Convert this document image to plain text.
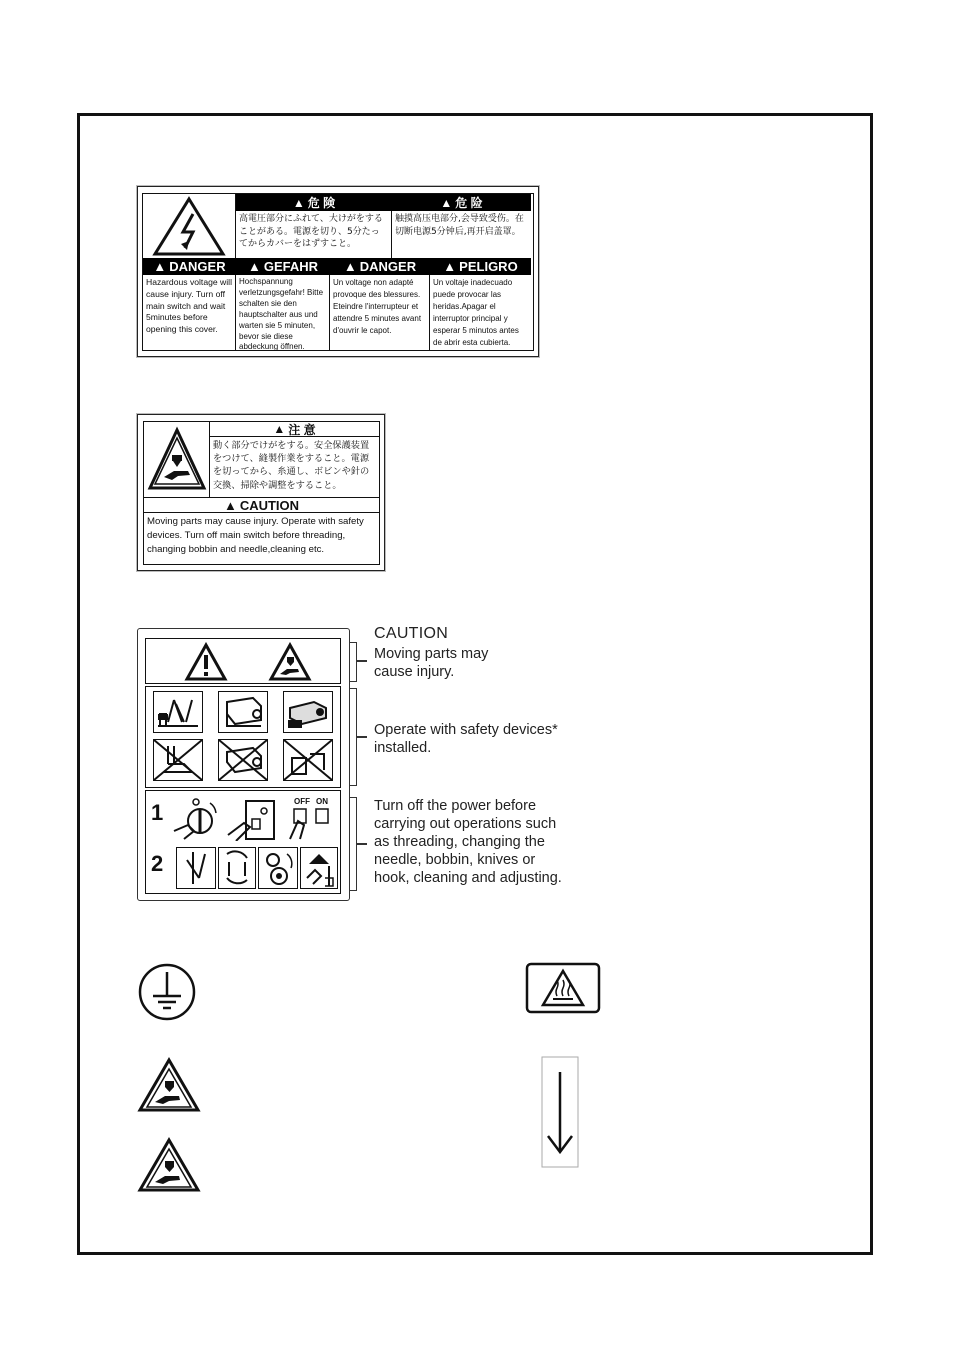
▲ 危 険
高電圧部分にふれて、大けがをすることがある。電源を切り、5分たってからカバーをはずすこと。
▲ 危 险
触摸高压电部分,会导致受伤。在切断电源5分钟后,再开启盖罩。
▲ DANGER ▲ GEFAHR ▲ DANGER ▲ PELIGRO
Hazardous voltage will cause injury. Turn off main switch and wait 5minutes before opening this cover.
Hochspannung verletzungsgefahr! Bitte schalten sie den hauptschalter aus und warten sie 5 minuten, bevor sie diese abdeckung öffnen.
Un voltage non adapté provoque des blessures. Eteindre l'interrupteur et attendre 5 minutes avant d'ouvrir le capot.
Un voltaje inadecuado puede provocar las heridas.Apagar el interruptor principal y esperar 5 minutos antes de abrir esta cubierta.
▲ 注 意
動く部分でけがをする。安全保護装置をつけて、縫製作業をすること。電源を切ってから、糸通し、ボビンや針の交換、掃除や調整をすること。
▲ CAUTION
Moving parts may cause injury. Operate with safety devices. Turn off main switch before threading, changing bobbin and needle,cleaning etc.
1
2
OFF ON
CAUTION
Moving parts may
cause injury.
Operate with safety devices*
installed.
Turn off the power before
carrying out operations such
as threading, changing the
needle, bobbin, knives or
hook, cleaning and adjusting.
